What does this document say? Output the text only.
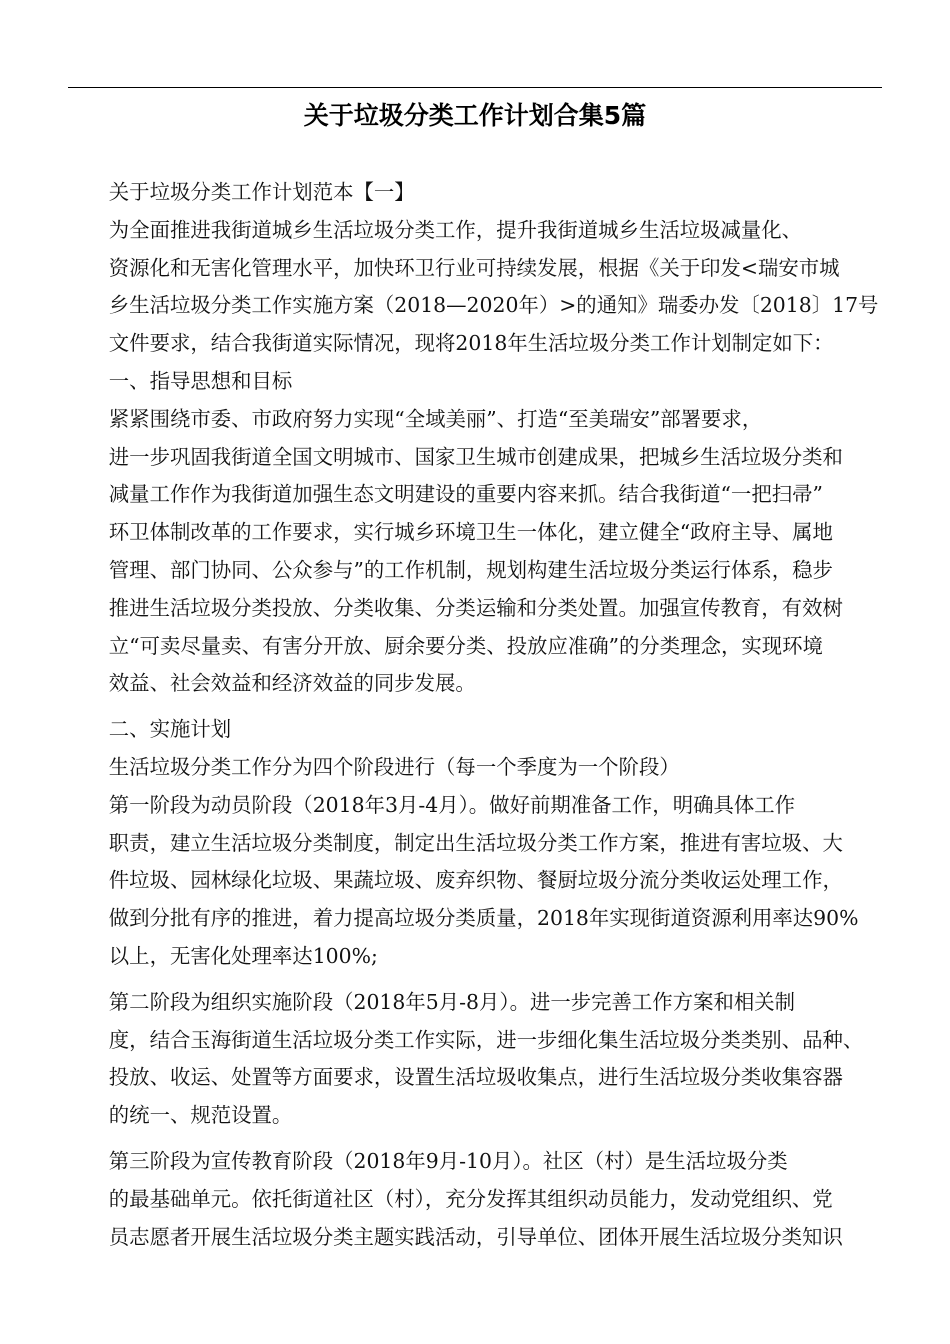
关于垃圾分类工作计划合集5篇
关于垃圾分类工作计划范本【一】
为全面推进我街道城乡生活垃圾分类工作，提升我街道城乡生活垃圾减量化、
资源化和无害化管理水平，加快环卫行业可持续发展，根据《关于印发<瑞安市城
乡生活垃圾分类工作实施方案（2018—2020年）>的通知》瑞委办发〔2018〕17号
文件要求，结合我街道实际情况，现将2018年生活垃圾分类工作计划制定如下：
一、指导思想和目标
紧紧围绕市委、市政府努力实现“全域美丽”、打造“至美瑞安”部署要求，
进一步巩固我街道全国文明城市、国家卫生城市创建成果，把城乡生活垃圾分类和
减量工作作为我街道加强生态文明建设的重要内容来抓。结合我街道“一把扫帚”
环卫体制改革的工作要求，实行城乡环境卫生一体化，建立健全“政府主导、属地
管理、部门协同、公众参与”的工作机制，规划构建生活垃圾分类运行体系，稳步
推进生活垃圾分类投放、分类收集、分类运输和分类处置。加强宣传教育，有效树
立“可卖尽量卖、有害分开放、厨余要分类、投放应准确”的分类理念，实现环境
效益、社会效益和经济效益的同步发展。
二、实施计划
生活垃圾分类工作分为四个阶段进行（每一个季度为一个阶段）
第一阶段为动员阶段（2018年3月-4月）。做好前期准备工作，明确具体工作
职责，建立生活垃圾分类制度，制定出生活垃圾分类工作方案，推进有害垃圾、大
件垃圾、园林绿化垃圾、果蔬垃圾、废弃织物、餐厨垃圾分流分类收运处理工作，
做到分批有序的推进，着力提高垃圾分类质量，2018年实现街道资源利用率达90%
以上，无害化处理率达100%;
第二阶段为组织实施阶段（2018年5月-8月）。进一步完善工作方案和相关制
度，结合玉海街道生活垃圾分类工作实际，进一步细化集生活垃圾分类类别、品种、
投放、收运、处置等方面要求，设置生活垃圾收集点，进行生活垃圾分类收集容器
的统一、规范设置。
第三阶段为宣传教育阶段（2018年9月-10月）。社区（村）是生活垃圾分类
的最基础单元。依托街道社区（村），充分发挥其组织动员能力，发动党组织、党
员志愿者开展生活垃圾分类主题实践活动，引导单位、团体开展生活垃圾分类知识
